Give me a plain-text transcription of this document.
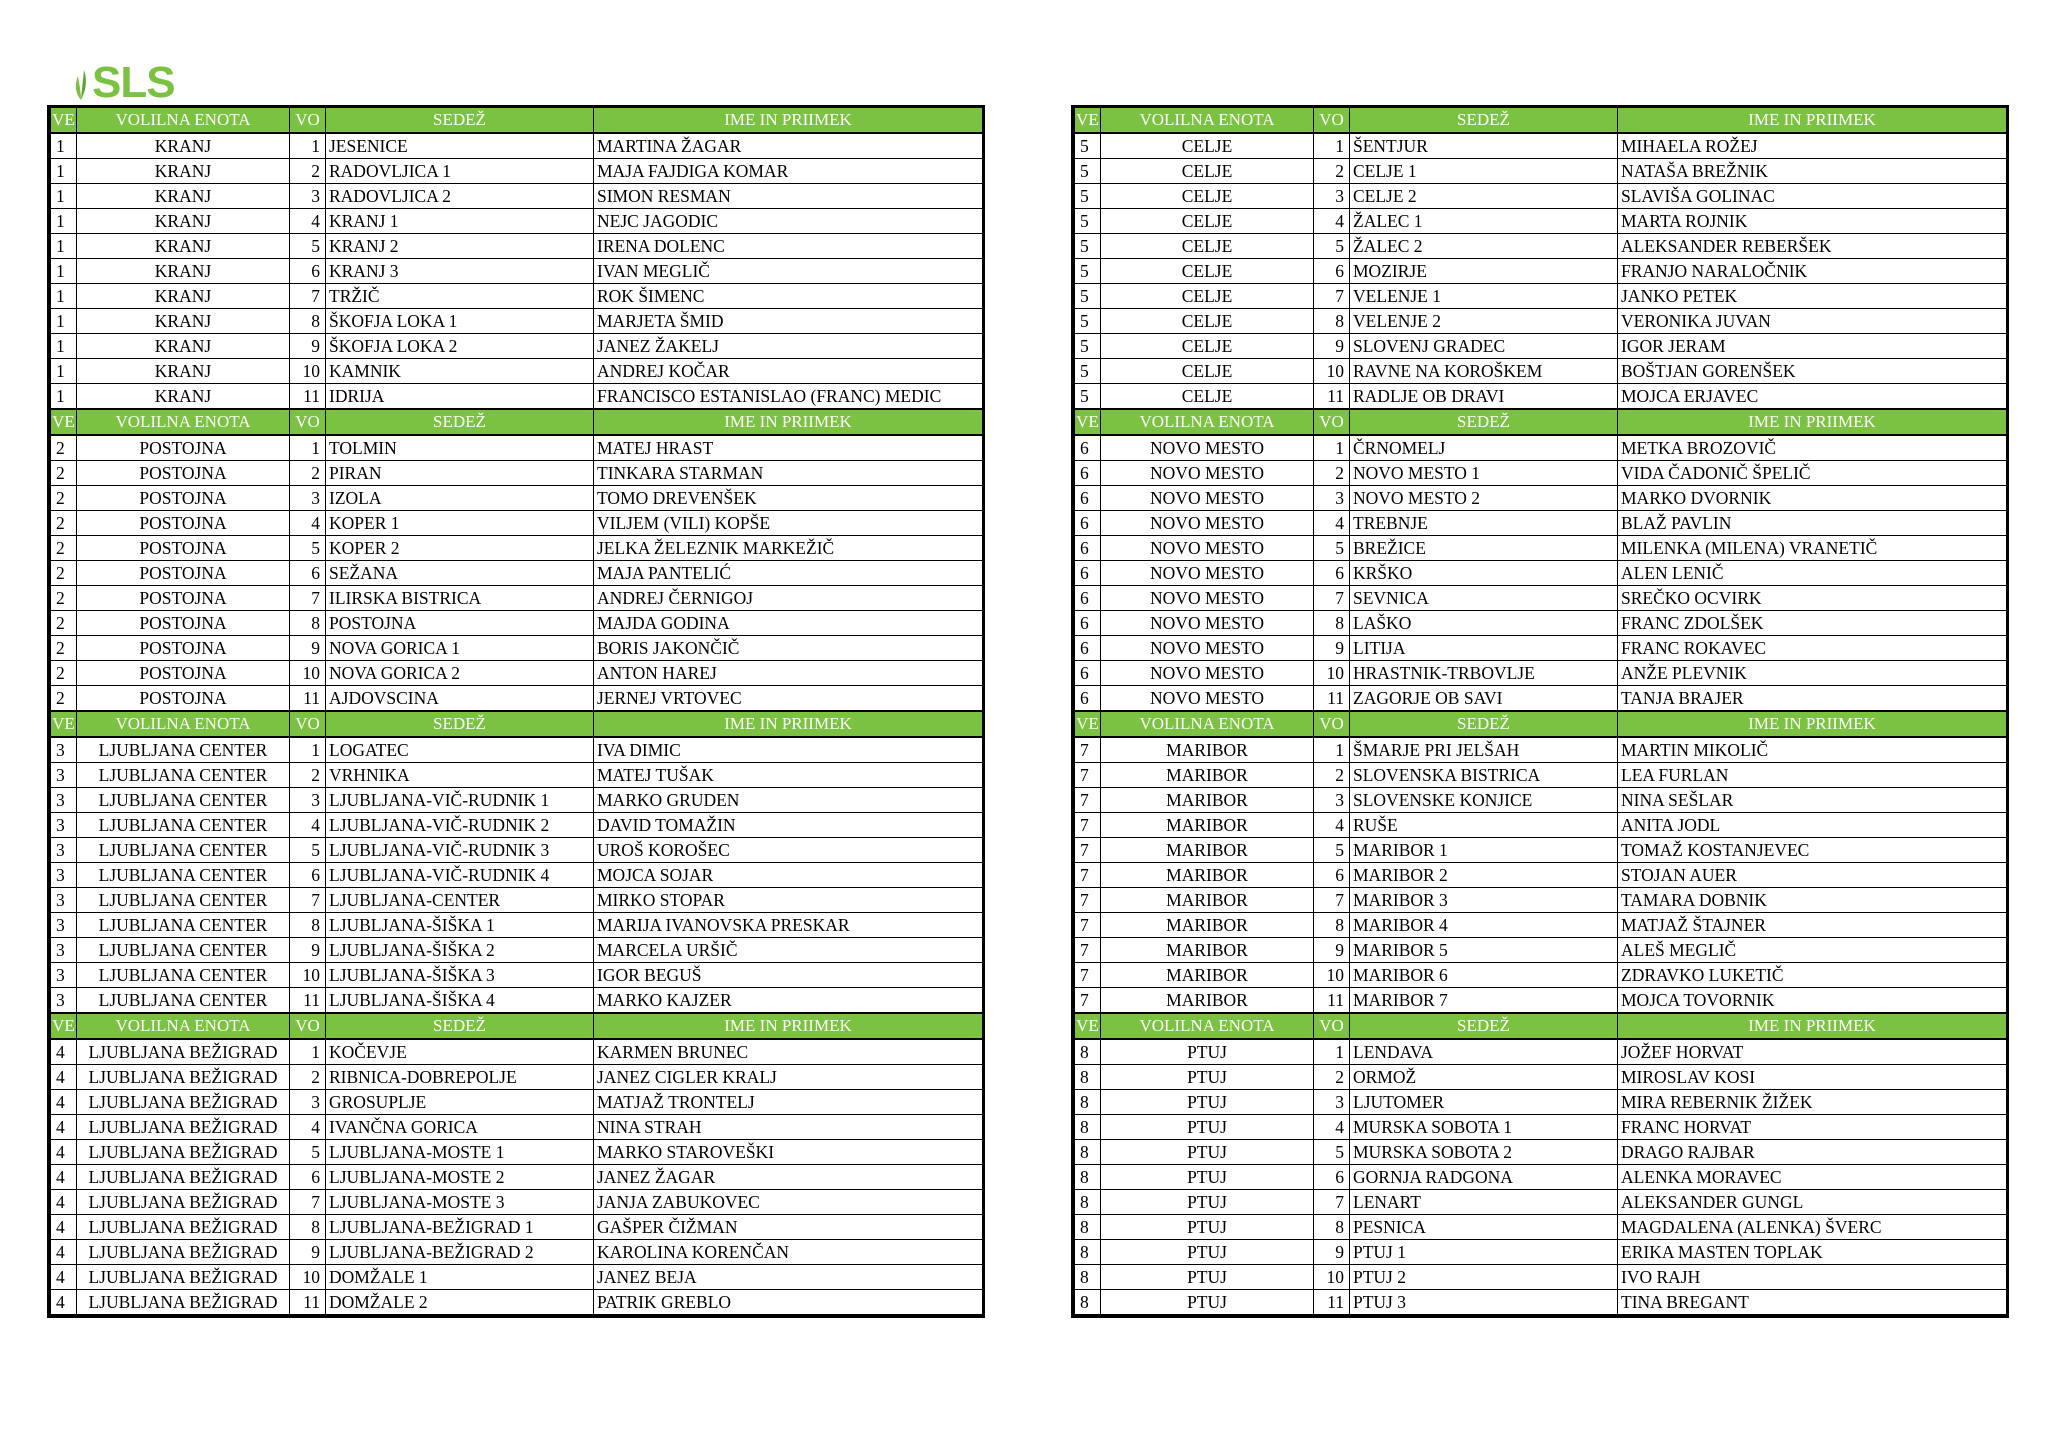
SLS
VE	VOLILNA ENOTA	VO	SEDEŽ	IME IN PRIIMEK
1	KRANJ	1	JESENICE	MARTINA ŽAGAR
1	KRANJ	2	RADOVLJICA 1	MAJA FAJDIGA KOMAR
1	KRANJ	3	RADOVLJICA 2	SIMON RESMAN
1	KRANJ	4	KRANJ 1	NEJC JAGODIC
1	KRANJ	5	KRANJ 2	IRENA DOLENC
1	KRANJ	6	KRANJ 3	IVAN MEGLIČ
1	KRANJ	7	TRŽIČ	ROK ŠIMENC
1	KRANJ	8	ŠKOFJA LOKA 1	MARJETA ŠMID
1	KRANJ	9	ŠKOFJA LOKA 2	JANEZ ŽAKELJ
1	KRANJ	10	KAMNIK	ANDREJ KOČAR
1	KRANJ	11	IDRIJA	FRANCISCO ESTANISLAO (FRANC) MEDIC
VE	VOLILNA ENOTA	VO	SEDEŽ	IME IN PRIIMEK
2	POSTOJNA	1	TOLMIN	MATEJ HRAST
2	POSTOJNA	2	PIRAN	TINKARA STARMAN
2	POSTOJNA	3	IZOLA	TOMO DREVENŠEK
2	POSTOJNA	4	KOPER 1	VILJEM (VILI) KOPŠE
2	POSTOJNA	5	KOPER 2	JELKA ŽELEZNIK MARKEŽIČ
2	POSTOJNA	6	SEŽANA	MAJA PANTELIĆ
2	POSTOJNA	7	ILIRSKA BISTRICA	ANDREJ ČERNIGOJ
2	POSTOJNA	8	POSTOJNA	MAJDA GODINA
2	POSTOJNA	9	NOVA GORICA 1	BORIS JAKONČIČ
2	POSTOJNA	10	NOVA GORICA 2	ANTON HAREJ
2	POSTOJNA	11	AJDOVSCINA	JERNEJ VRTOVEC
VE	VOLILNA ENOTA	VO	SEDEŽ	IME IN PRIIMEK
3	LJUBLJANA CENTER	1	LOGATEC	IVA DIMIC
3	LJUBLJANA CENTER	2	VRHNIKA	MATEJ TUŠAK
3	LJUBLJANA CENTER	3	LJUBLJANA-VIČ-RUDNIK 1	MARKO GRUDEN
3	LJUBLJANA CENTER	4	LJUBLJANA-VIČ-RUDNIK 2	DAVID TOMAŽIN
3	LJUBLJANA CENTER	5	LJUBLJANA-VIČ-RUDNIK 3	UROŠ KOROŠEC
3	LJUBLJANA CENTER	6	LJUBLJANA-VIČ-RUDNIK 4	MOJCA SOJAR
3	LJUBLJANA CENTER	7	LJUBLJANA-CENTER	MIRKO STOPAR
3	LJUBLJANA CENTER	8	LJUBLJANA-ŠIŠKA 1	MARIJA IVANOVSKA PRESKAR
3	LJUBLJANA CENTER	9	LJUBLJANA-ŠIŠKA 2	MARCELA URŠIČ
3	LJUBLJANA CENTER	10	LJUBLJANA-ŠIŠKA 3	IGOR BEGUŠ
3	LJUBLJANA CENTER	11	LJUBLJANA-ŠIŠKA 4	MARKO KAJZER
VE	VOLILNA ENOTA	VO	SEDEŽ	IME IN PRIIMEK
4	LJUBLJANA BEŽIGRAD	1	KOČEVJE	KARMEN BRUNEC
4	LJUBLJANA BEŽIGRAD	2	RIBNICA-DOBREPOLJE	JANEZ CIGLER KRALJ
4	LJUBLJANA BEŽIGRAD	3	GROSUPLJE	MATJAŽ TRONTELJ
4	LJUBLJANA BEŽIGRAD	4	IVANČNA GORICA	NINA STRAH
4	LJUBLJANA BEŽIGRAD	5	LJUBLJANA-MOSTE 1	MARKO STAROVEŠKI
4	LJUBLJANA BEŽIGRAD	6	LJUBLJANA-MOSTE 2	JANEZ ŽAGAR
4	LJUBLJANA BEŽIGRAD	7	LJUBLJANA-MOSTE 3	JANJA ZABUKOVEC
4	LJUBLJANA BEŽIGRAD	8	LJUBLJANA-BEŽIGRAD 1	GAŠPER ČIŽMAN
4	LJUBLJANA BEŽIGRAD	9	LJUBLJANA-BEŽIGRAD 2	KAROLINA KORENČAN
4	LJUBLJANA BEŽIGRAD	10	DOMŽALE 1	JANEZ BEJA
4	LJUBLJANA BEŽIGRAD	11	DOMŽALE 2	PATRIK GREBLO
VE	VOLILNA ENOTA	VO	SEDEŽ	IME IN PRIIMEK
5	CELJE	1	ŠENTJUR	MIHAELA ROŽEJ
5	CELJE	2	CELJE 1	NATAŠA BREŽNIK
5	CELJE	3	CELJE 2	SLAVIŠA GOLINAC
5	CELJE	4	ŽALEC 1	MARTA ROJNIK
5	CELJE	5	ŽALEC 2	ALEKSANDER REBERŠEK
5	CELJE	6	MOZIRJE	FRANJO NARALOČNIK
5	CELJE	7	VELENJE 1	JANKO PETEK
5	CELJE	8	VELENJE 2	VERONIKA JUVAN
5	CELJE	9	SLOVENJ GRADEC	IGOR JERAM
5	CELJE	10	RAVNE NA KOROŠKEM	BOŠTJAN GORENŠEK
5	CELJE	11	RADLJE OB DRAVI	MOJCA ERJAVEC
VE	VOLILNA ENOTA	VO	SEDEŽ	IME IN PRIIMEK
6	NOVO MESTO	1	ČRNOMELJ	METKA BROZOVIČ
6	NOVO MESTO	2	NOVO MESTO 1	VIDA ČADONIČ ŠPELIČ
6	NOVO MESTO	3	NOVO MESTO 2	MARKO DVORNIK
6	NOVO MESTO	4	TREBNJE	BLAŽ PAVLIN
6	NOVO MESTO	5	BREŽICE	MILENKA (MILENA) VRANETIČ
6	NOVO MESTO	6	KRŠKO	ALEN LENIČ
6	NOVO MESTO	7	SEVNICA	SREČKO OCVIRK
6	NOVO MESTO	8	LAŠKO	FRANC ZDOLŠEK
6	NOVO MESTO	9	LITIJA	FRANC ROKAVEC
6	NOVO MESTO	10	HRASTNIK-TRBOVLJE	ANŽE PLEVNIK
6	NOVO MESTO	11	ZAGORJE OB SAVI	TANJA BRAJER
VE	VOLILNA ENOTA	VO	SEDEŽ	IME IN PRIIMEK
7	MARIBOR	1	ŠMARJE PRI JELŠAH	MARTIN MIKOLIČ
7	MARIBOR	2	SLOVENSKA BISTRICA	LEA FURLAN
7	MARIBOR	3	SLOVENSKE KONJICE	NINA SEŠLAR
7	MARIBOR	4	RUŠE	ANITA JODL
7	MARIBOR	5	MARIBOR 1	TOMAŽ KOSTANJEVEC
7	MARIBOR	6	MARIBOR 2	STOJAN AUER
7	MARIBOR	7	MARIBOR 3	TAMARA DOBNIK
7	MARIBOR	8	MARIBOR 4	MATJAŽ ŠTAJNER
7	MARIBOR	9	MARIBOR 5	ALEŠ MEGLIČ
7	MARIBOR	10	MARIBOR 6	ZDRAVKO LUKETIČ
7	MARIBOR	11	MARIBOR 7	MOJCA TOVORNIK
VE	VOLILNA ENOTA	VO	SEDEŽ	IME IN PRIIMEK
8	PTUJ	1	LENDAVA	JOŽEF HORVAT
8	PTUJ	2	ORMOŽ	MIROSLAV KOSI
8	PTUJ	3	LJUTOMER	MIRA REBERNIK ŽIŽEK
8	PTUJ	4	MURSKA SOBOTA 1	FRANC HORVAT
8	PTUJ	5	MURSKA SOBOTA 2	DRAGO RAJBAR
8	PTUJ	6	GORNJA RADGONA	ALENKA MORAVEC
8	PTUJ	7	LENART	ALEKSANDER GUNGL
8	PTUJ	8	PESNICA	MAGDALENA (ALENKA) ŠVERC
8	PTUJ	9	PTUJ 1	ERIKA MASTEN TOPLAK
8	PTUJ	10	PTUJ 2	IVO RAJH
8	PTUJ	11	PTUJ 3	TINA BREGANT
